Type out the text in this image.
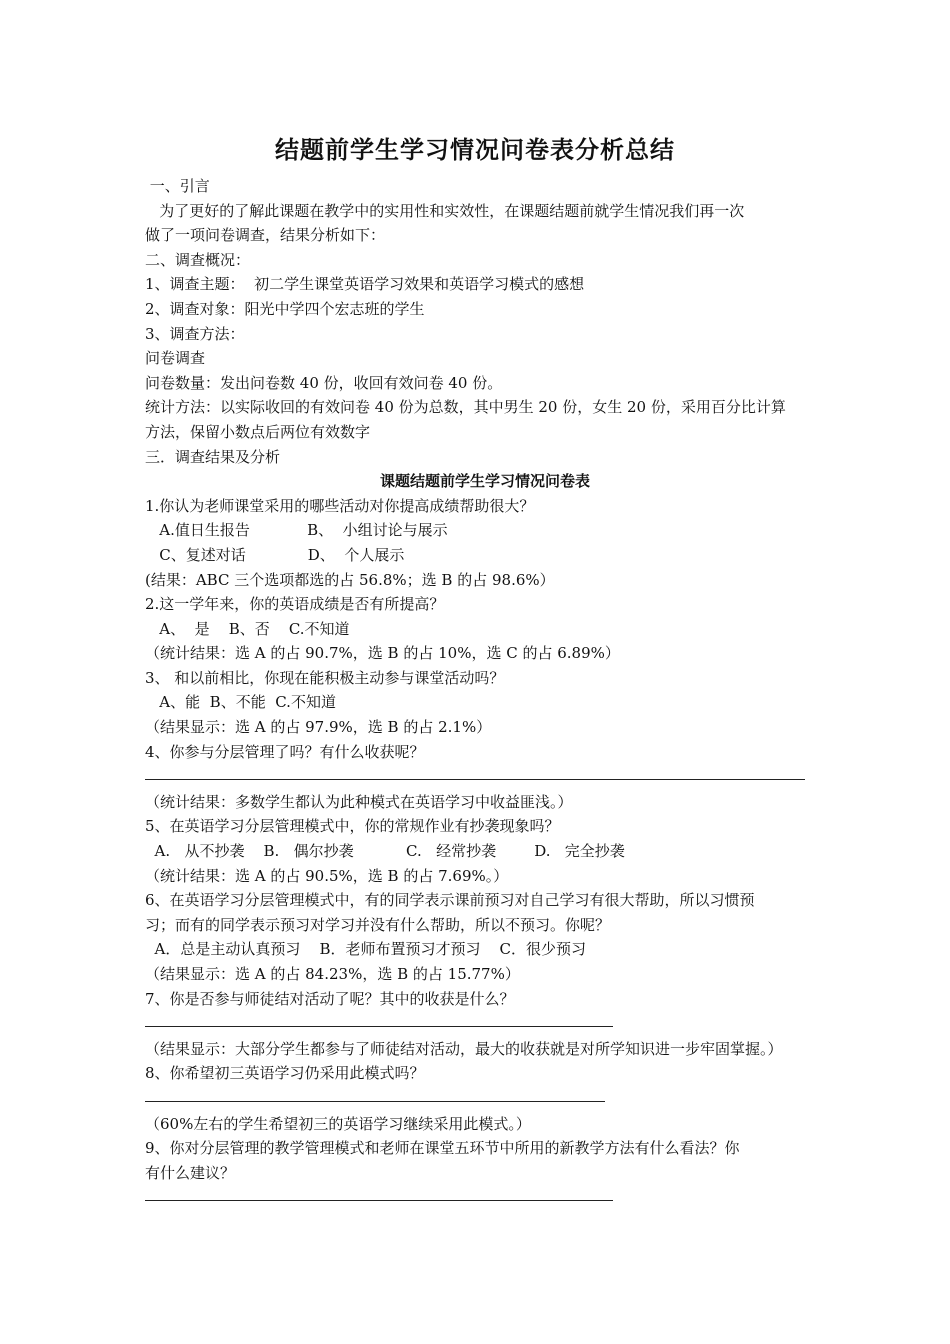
结题前学生学习情况问卷表分析总结
一、引言
为了更好的了解此课题在教学中的实用性和实效性，在课题结题前就学生情况我们再一次
做了一项问卷调查，结果分析如下：
二、调查概况：
1、调查主题：  初二学生课堂英语学习效果和英语学习模式的感想
2、调查对象：阳光中学四个宏志班的学生
3、调查方法：
问卷调查
问卷数量：发出问卷数 40 份，收回有效问卷 40 份。
统计方法：以实际收回的有效问卷 40 份为总数，其中男生 20 份，女生 20 份，采用百分比计算
方法，保留小数点后两位有效数字
三．调查结果及分析
课题结题前学生学习情况问卷表
1.你认为老师课堂采用的哪些活动对你提高成绩帮助很大？
A.值日生报告            B、  小组讨论与展示
C、复述对话             D、  个人展示
(结果：ABC 三个选项都选的占 56.8%；选 B 的占 98.6%）
2.这一学年来，你的英语成绩是否有所提高？
A、  是    B、否    C.不知道
（统计结果：选 A 的占 90.7%，选 B 的占 10%，选 C 的占 6.89%）
3、 和以前相比，你现在能积极主动参与课堂活动吗？
A、能  B、不能  C.不知道
（结果显示：选 A 的占 97.9%，选 B 的占 2.1%）
4、你参与分层管理了吗？有什么收获呢？
（统计结果：多数学生都认为此种模式在英语学习中收益匪浅。）
5、在英语学习分层管理模式中，你的常规作业有抄袭现象吗？
A.   从不抄袭    B.   偶尔抄袭           C.   经常抄袭        D.   完全抄袭
（统计结果：选 A 的占 90.5%，选 B 的占 7.69%。）
6、在英语学习分层管理模式中，有的同学表示课前预习对自己学习有很大帮助，所以习惯预
习；而有的同学表示预习对学习并没有什么帮助，所以不预习。你呢？
A．总是主动认真预习    B．老师布置预习才预习    C．很少预习
（结果显示：选 A 的占 84.23%，选 B 的占 15.77%）
7、你是否参与师徒结对活动了呢？其中的收获是什么？
（结果显示：大部分学生都参与了师徒结对活动，最大的收获就是对所学知识进一步牢固掌握。）
8、你希望初三英语学习仍采用此模式吗？
（60%左右的学生希望初三的英语学习继续采用此模式。）
9、你对分层管理的教学管理模式和老师在课堂五环节中所用的新教学方法有什么看法？你
有什么建议？
